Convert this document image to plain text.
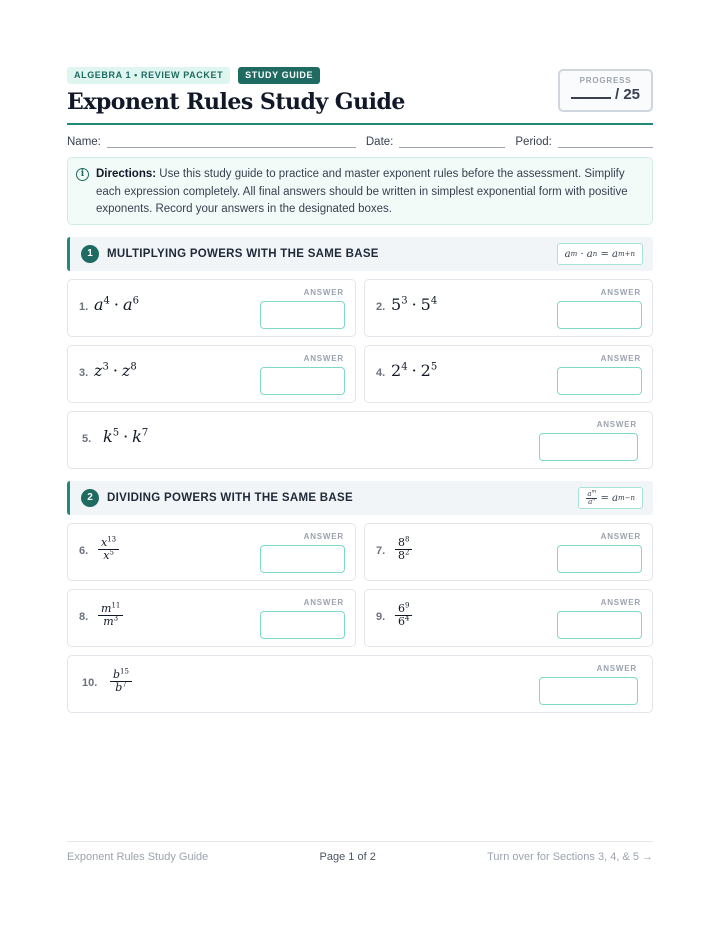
ALGEBRA 1 • REVIEW PACKET	STUDY GUIDE
Exponent Rules Study Guide
PROGRESS
/ 25
Name:	Date:	Period:
i	Directions: Use this study guide to practice and master exponent rules before the assessment. Simplify each expression completely. All final answers should be written in simplest exponential form with positive exponents. Record your answers in the designated boxes.
1	MULTIPLYING POWERS WITH THE SAME BASE	a m · a n = a m+n
1. $a^4 \cdot a^6$
ANSWER
2. $5^3 \cdot 5^4$
ANSWER
3. $z^3 \cdot z^8$
ANSWER
4. $2^4 \cdot 2^5$
ANSWER
5. $k^5 \cdot k^7$
ANSWER
2	DIVIDING POWERS WITH THE SAME BASE	$a^m$
$a^n = a$ m−n
6. $\frac{x^{13}}{x^5}$
ANSWER
7. $\frac{8^8}{8^2}$
ANSWER
8. $\frac{m^{11}}{m^3}$
ANSWER
9. $\frac{6^9}{6^4}$
ANSWER
10. $\frac{b^{15}}{b^7}$
ANSWER
Exponent Rules Study Guide	Page 1 of 2	Turn over for Sections 3, 4, & 5 →
